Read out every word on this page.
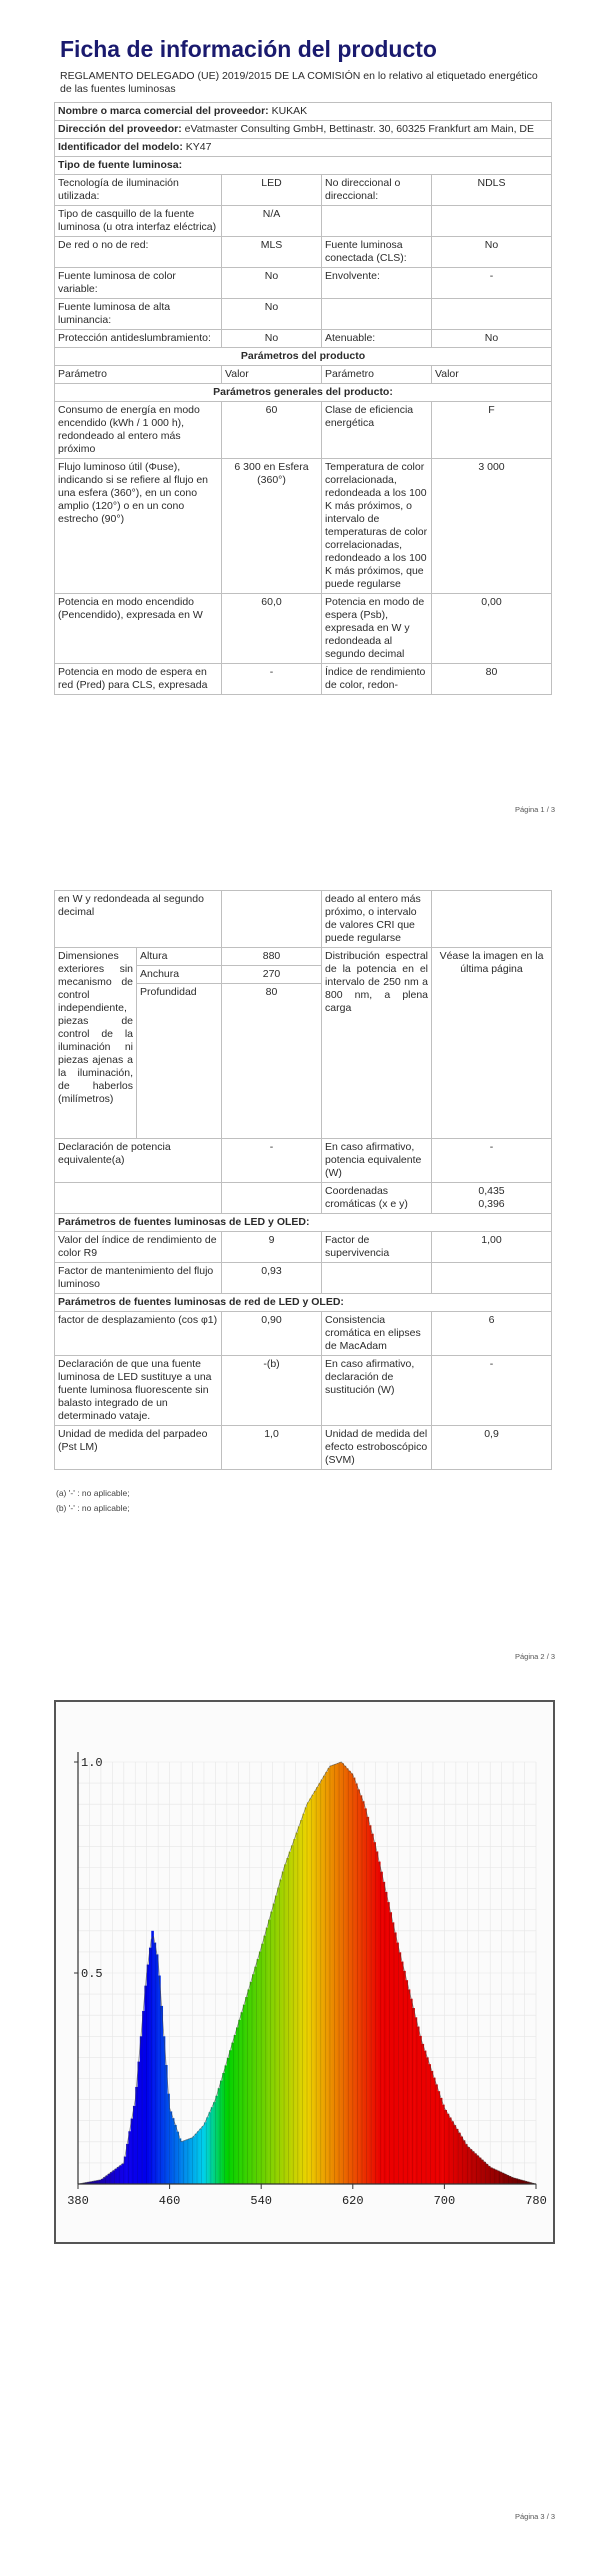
Ficha de información del producto
REGLAMENTO DELEGADO (UE) 2019/2015 DE LA COMISIÓN en lo relativo al etiquetado energético de las fuentes luminosas
Nombre o marca comercial del proveedor: KUKAK			
Dirección del proveedor: eVatmaster Consulting GmbH, Bettinastr. 30, 60325 Frankfurt am Main, DE			
Identificador del modelo: KY47			
Tipo de fuente luminosa:			
Tecnología de iluminación utilizada:	LED	No direccional o direccional:	NDLS
Tipo de casquillo de la fuente luminosa (u otra interfaz eléctrica)	N/A		
De red o no de red:	MLS	Fuente luminosa conectada (CLS):	No
Fuente luminosa de color variable:	No	Envolvente:	-
Fuente luminosa de alta luminancia:	No		
Protección antideslumbramiento:	No	Atenuable:	No
Parámetros del producto			
Parámetro	Valor	Parámetro	Valor
Parámetros generales del producto:			
Consumo de energía en modo encendido (kWh / 1 000 h), redondeado al entero más próximo	60	Clase de eficiencia energética	F
Flujo luminoso útil (Φuse), indicando si se refiere al flujo en una esfera (360°), en un cono amplio (120°) o en un cono estrecho (90°)	6 300 en Esfera (360°)	Temperatura de color correlacionada, redondeada a los 100 K más próximos, o intervalo de temperaturas de color correlacionadas, redondeado a los 100 K más próximos, que puede regularse	3 000
Potencia en modo encendido (Pencendido), expresada en W	60,0	Potencia en modo de espera (Psb), expresada en W y redondeada al segundo decimal	0,00
Potencia en modo de espera en red (Pred) para CLS, expresada	-	Índice de rendimiento de color, redon-	80
Página 1 / 3
en W y redondeada al segundo decimal			deado al entero más próximo, o intervalo de valores CRI que puede regularse	
Dimensiones exteriores sin mecanismo de control independiente, piezas de control de la iluminación ni piezas ajenas a la iluminación, de haberlos (milímetros)	Altura	880	Distribución espectral de la potencia en el intervalo de 250 nm a 800 nm, a plena carga	Véase la imagen en la última página
	Anchura	270		
	Profundidad	80		
Declaración de potencia equivalente(a)		-	En caso afirmativo, potencia equivalente (W)	-
			Coordenadas cromáticas (x e y)	0,435
0,396
Parámetros de fuentes luminosas de LED y OLED:				
Valor del índice de rendimiento de color R9		9	Factor de supervivencia	1,00
Factor de mantenimiento del flujo luminoso		0,93		
Parámetros de fuentes luminosas de red de LED y OLED:				
factor de desplazamiento (cos φ1)		0,90	Consistencia cromática en elipses de MacAdam	6
Declaración de que una fuente luminosa de LED sustituye a una fuente luminosa fluorescente sin balasto integrado de un determinado vataje.		-(b)	En caso afirmativo, declaración de sustitución (W)	-
Unidad de medida del parpadeo (Pst LM)		1,0	Unidad de medida del efecto estroboscópico (SVM)	0,9
(a) '-' : no aplicable;
(b) '-' : no aplicable;
Página 2 / 3
380	460	540	620	700	780
0.5
1.0
Página 3 / 3
